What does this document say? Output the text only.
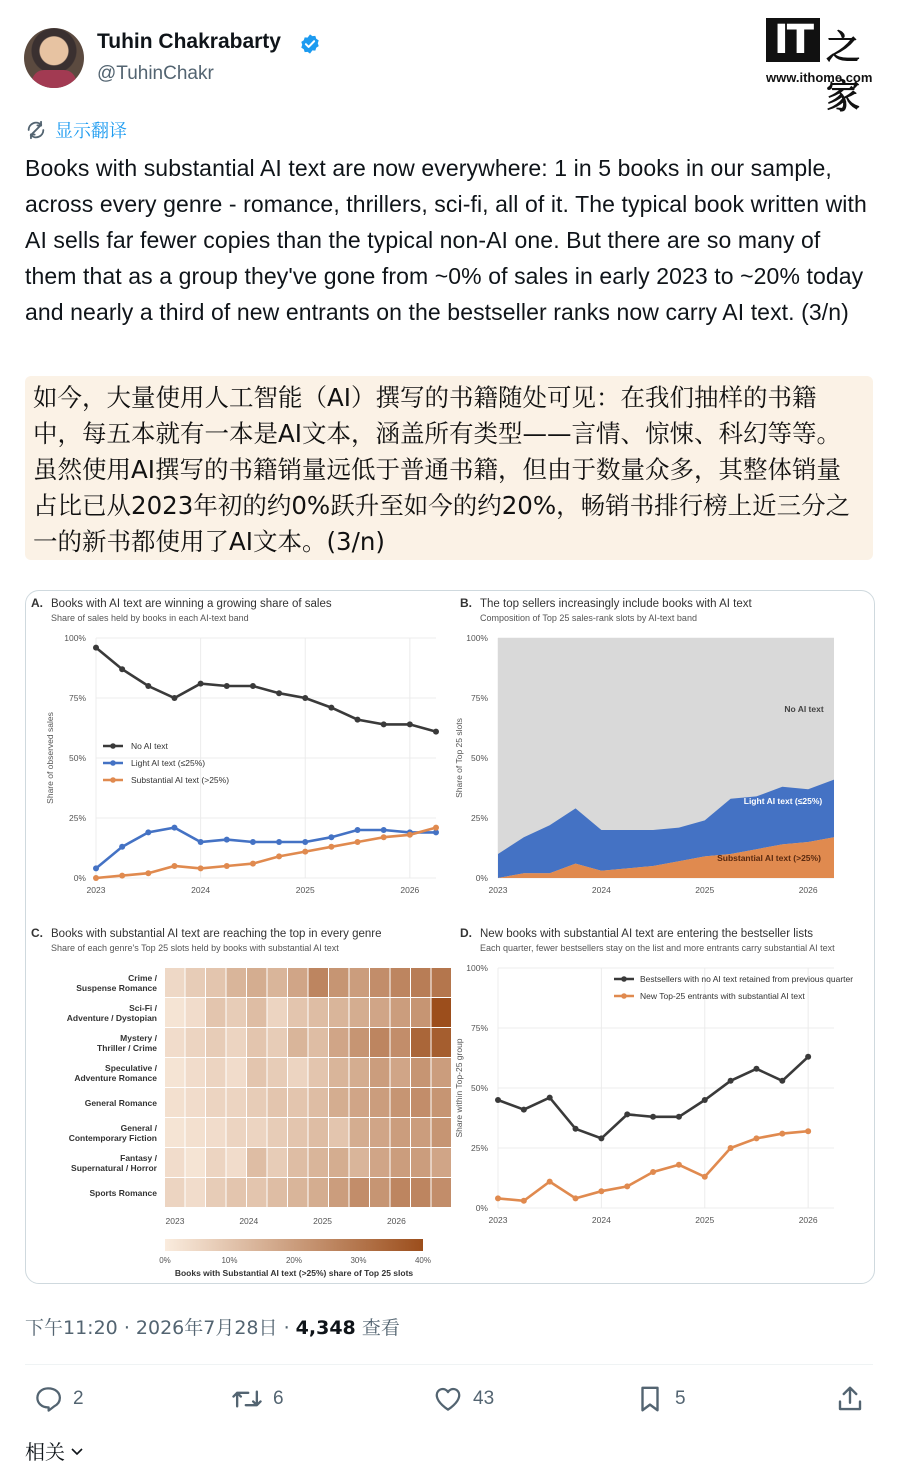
Tuhin Chakrabarty
@TuhinChakr
IT 之家
www.ithome.com
显示翻译
Books with substantial AI text are now everywhere: 1 in 5 books in our sample, across every genre - romance, thrillers, sci-fi, all of it. The typical book written with AI sells far fewer copies than the typical non-AI one. But there are so many of them that as a group they've gone from ~0% of sales in early 2023 to ~20% today and nearly a third of new entrants on the bestseller ranks now carry AI text. (3/n)
如今，大量使用人工智能（AI）撰写的书籍随处可见：在我们抽样的书籍中，每五本就有一本是AI文本，涵盖所有类型——言情、惊悚、科幻等等。虽然使用AI撰写的书籍销量远低于普通书籍，但由于数量众多，其整体销量占比已从2023年初的约0%跃升至如今的约20%，畅销书排行榜上近三分之一的新书都使用了AI文本。(3/n)
A. Books with AI text are winning a growing share of sales
Share of sales held by books in each AI-text band
0%
25%
50%
75%
100%
2023	2024	2025	2026
Share of observed sales	No AI text
Light AI text (≤25%)
Substantial AI text (>25%)
B. The top sellers increasingly include books with AI text
Composition of Top 25 sales-rank slots by AI-text band
0%
25%
50%
75%
100%
2023	2024	2025	2026
Share of Top 25 slots
No AI text
Light AI text (≤25%)
Substantial AI text (>25%)
C. Books with substantial AI text are reaching the top in every genre
Share of each genre's Top 25 slots held by books with substantial AI text
Crime /
Suspense Romance
Sci-Fi /
Adventure / Dystopian
Mystery /
Thriller / Crime
Speculative /
Adventure Romance
General Romance
General /
Contemporary Fiction
Fantasy /
Supernatural / Horror
Sports Romance
2023	2024	2025	2026
0%	10%	20%	30%	40%
Books with Substantial AI text (>25%) share of Top 25 slots
D. New books with substantial AI text are entering the bestseller lists
Each quarter, fewer bestsellers stay on the list and more entrants carry substantial AI text
0%
25%
50%
75%
100%
2023	2024	2025	2026
Share within Top-25 group
Bestsellers with no AI text retained from previous quarter
New Top-25 entrants with substantial AI text
下午11:20 · 2026年7月28日 · 4,348 查看
2	6	43	5
相关
